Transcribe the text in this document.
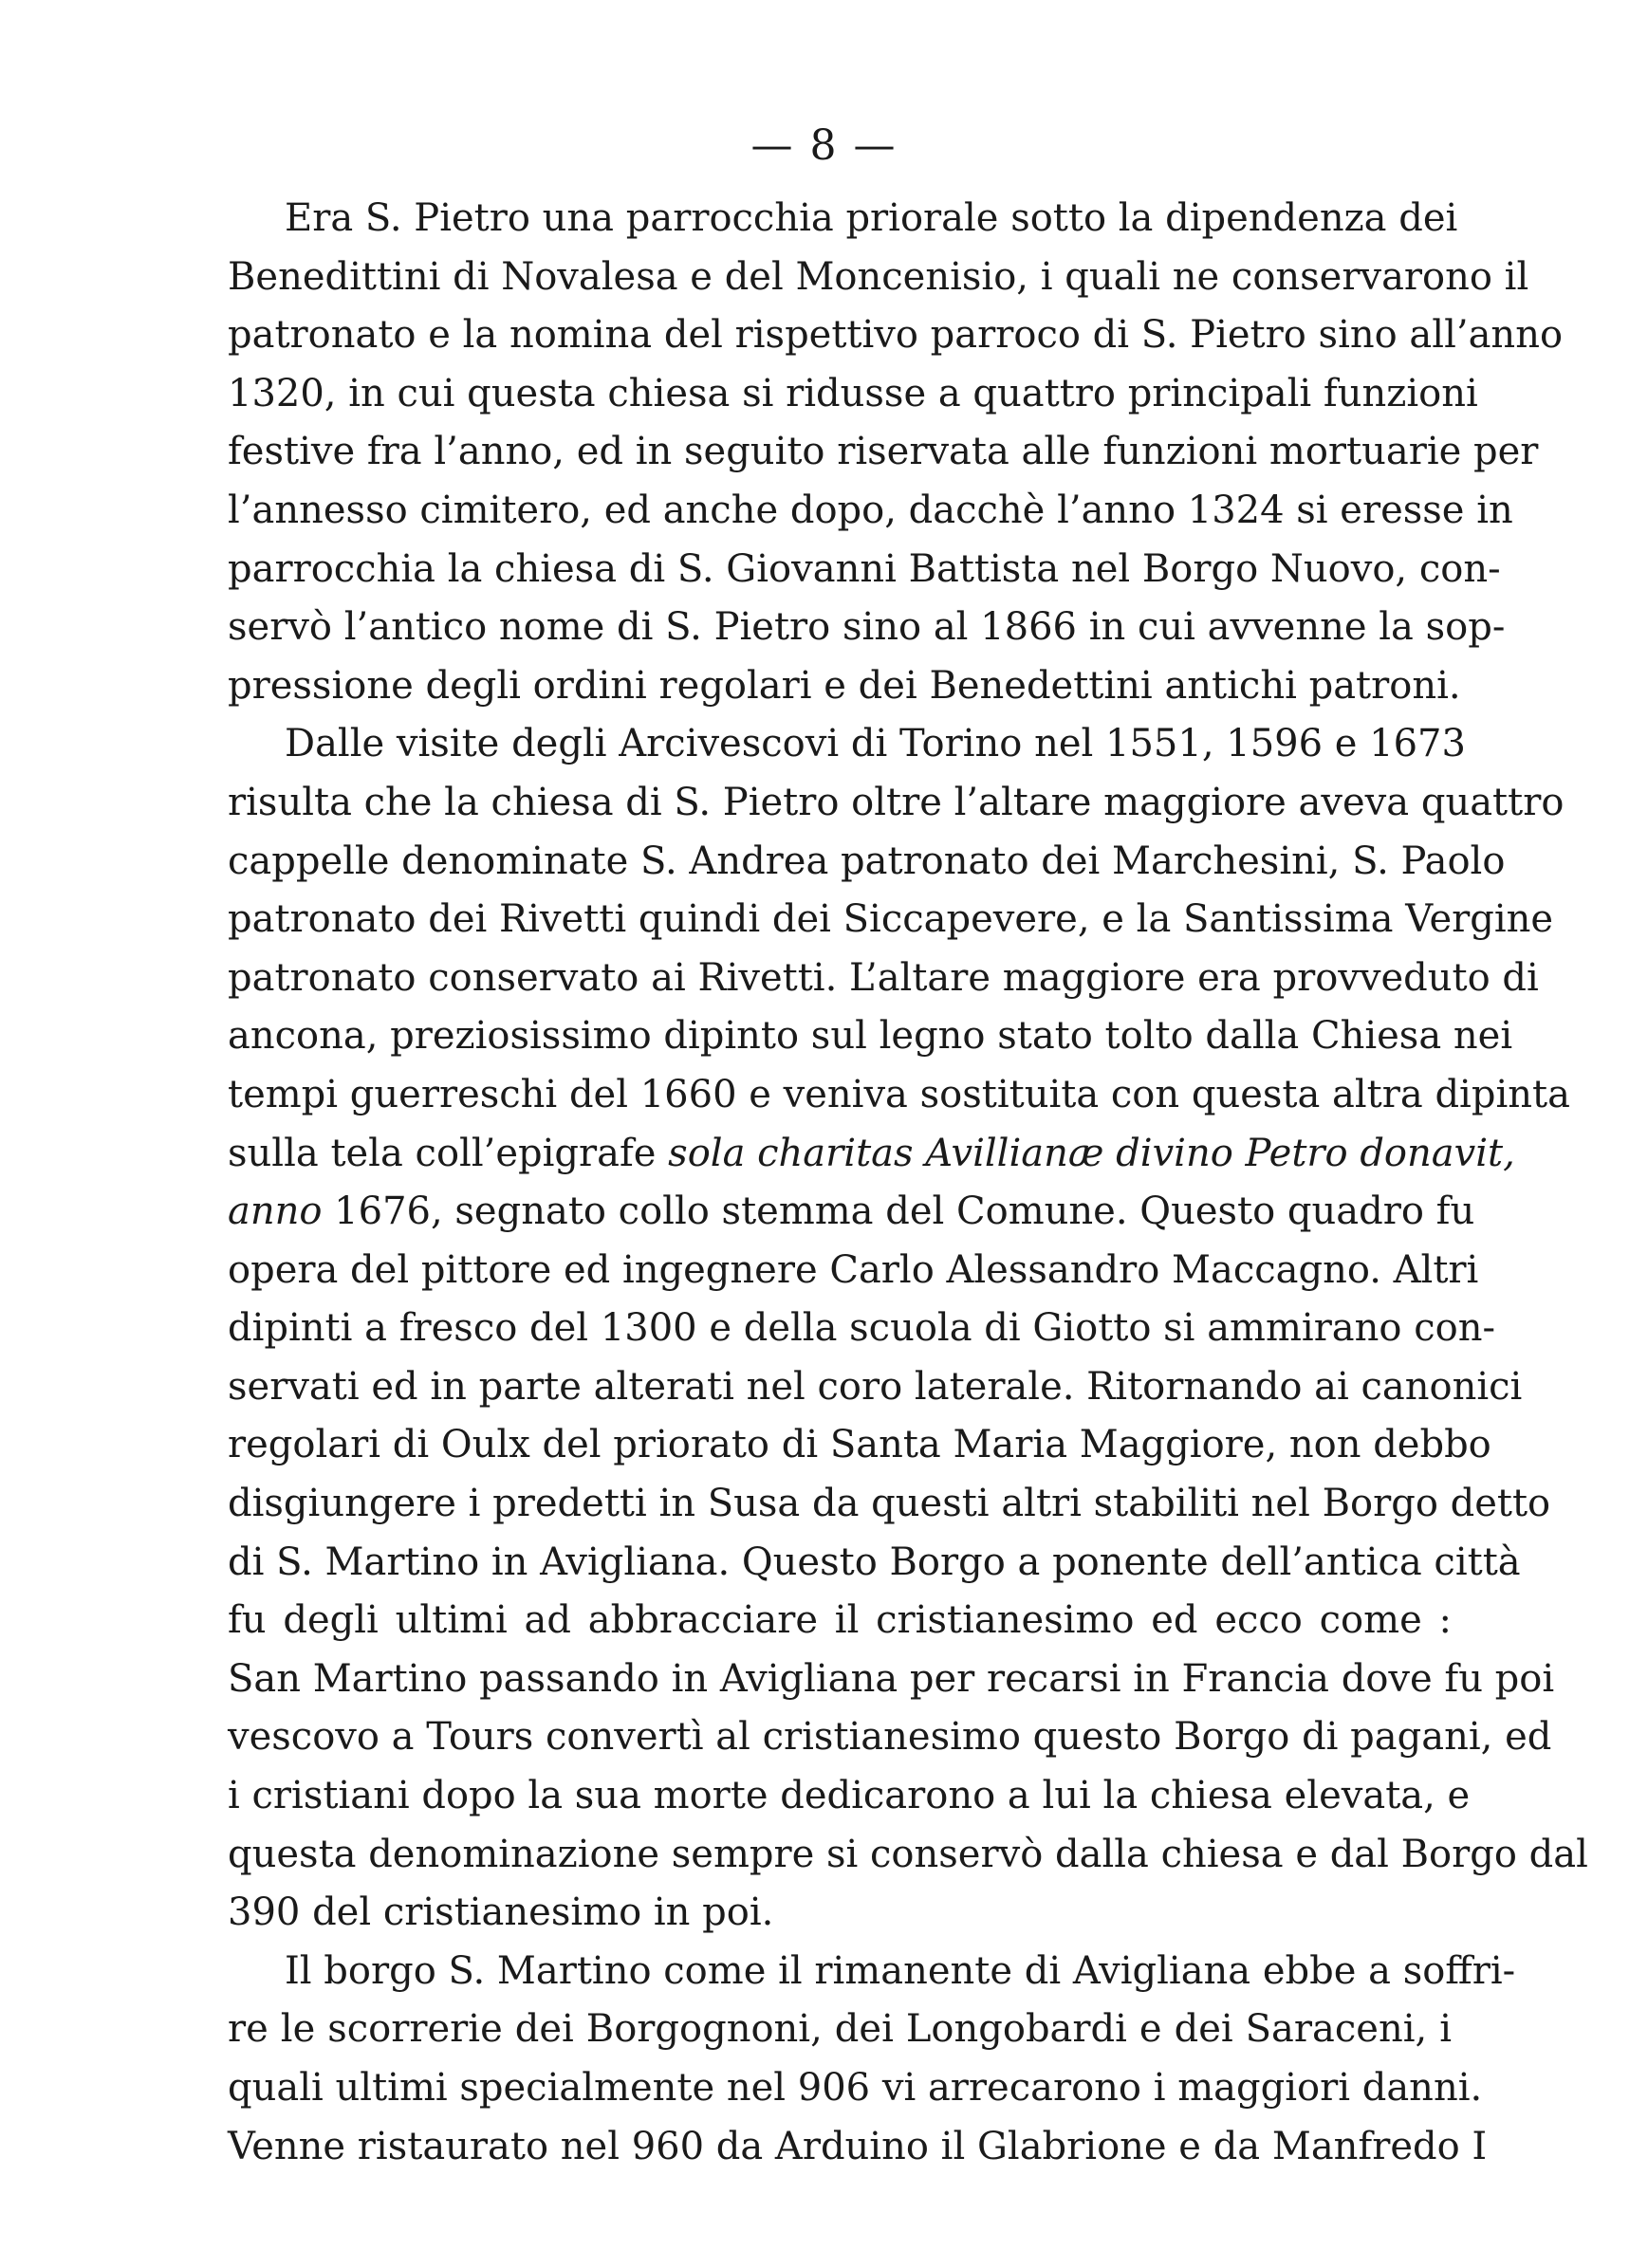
— 8 —
Era S. Pietro una parrocchia priorale sotto la dipendenza dei
Benedittini di Novalesa e del Moncenisio, i quali ne conservarono il
patronato e la nomina del rispettivo parroco di S. Pietro sino all’anno
1320, in cui questa chiesa si ridusse a quattro principali funzioni
festive fra l’anno, ed in seguito riservata alle funzioni mortuarie per
l’annesso cimitero, ed anche dopo, dacchè l’anno 1324 si eresse in
parrocchia la chiesa di S. Giovanni Battista nel Borgo Nuovo, con-
servò l’antico nome di S. Pietro sino al 1866 in cui avvenne la sop-
pressione degli ordini regolari e dei Benedettini antichi patroni.
Dalle visite degli Arcivescovi di Torino nel 1551, 1596 e 1673
risulta che la chiesa di S. Pietro oltre l’altare maggiore aveva quattro
cappelle denominate S. Andrea patronato dei Marchesini, S. Paolo
patronato dei Rivetti quindi dei Siccapevere, e la Santissima Vergine
patronato conservato ai Rivetti. L’altare maggiore era provveduto di
ancona, preziosissimo dipinto sul legno stato tolto dalla Chiesa nei
tempi guerreschi del 1660 e veniva sostituita con questa altra dipinta
sulla tela coll’epigrafe sola charitas Avillianæ divino Petro donavit,
anno 1676, segnato collo stemma del Comune. Questo quadro fu
opera del pittore ed ingegnere Carlo Alessandro Maccagno. Altri
dipinti a fresco del 1300 e della scuola di Giotto si ammirano con-
servati ed in parte alterati nel coro laterale. Ritornando ai canonici
regolari di Oulx del priorato di Santa Maria Maggiore, non debbo
disgiungere i predetti in Susa da questi altri stabiliti nel Borgo detto
di S. Martino in Avigliana. Questo Borgo a ponente dell’antica città
fu degli ultimi ad abbracciare il cristianesimo ed ecco come :
San Martino passando in Avigliana per recarsi in Francia dove fu poi
vescovo a Tours convertì al cristianesimo questo Borgo di pagani, ed
i cristiani dopo la sua morte dedicarono a lui la chiesa elevata, e
questa denominazione sempre si conservò dalla chiesa e dal Borgo dal
390 del cristianesimo in poi.
Il borgo S. Martino come il rimanente di Avigliana ebbe a soffri-
re le scorrerie dei Borgognoni, dei Longobardi e dei Saraceni, i
quali ultimi specialmente nel 906 vi arrecarono i maggiori danni.
Venne ristaurato nel 960 da Arduino il Glabrione e da Manfredo I
